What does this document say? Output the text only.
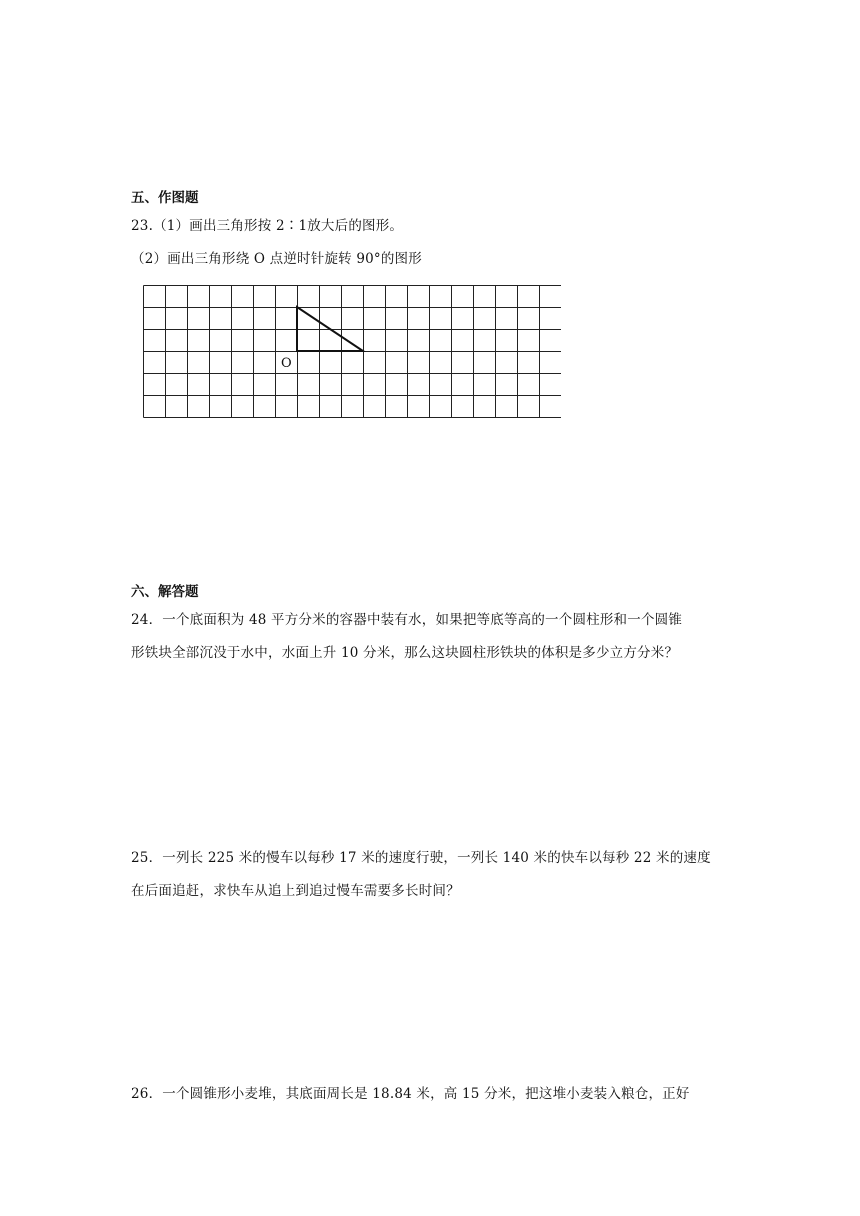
五、作图题
23.（1）画出三角形按 2∶1放大后的图形。
（2）画出三角形绕 O 点逆时针旋转 90°的图形
O
六、解答题
24．一个底面积为 48 平方分米的容器中装有水，如果把等底等高的一个圆柱形和一个圆锥
形铁块全部沉没于水中，水面上升 10 分米，那么这块圆柱形铁块的体积是多少立方分米？
25．一列长 225 米的慢车以每秒 17 米的速度行驶，一列长 140 米的快车以每秒 22 米的速度
在后面追赶，求快车从追上到追过慢车需要多长时间？
26．一个圆锥形小麦堆，其底面周长是 18.84 米，高 15 分米，把这堆小麦装入粮仓，正好
